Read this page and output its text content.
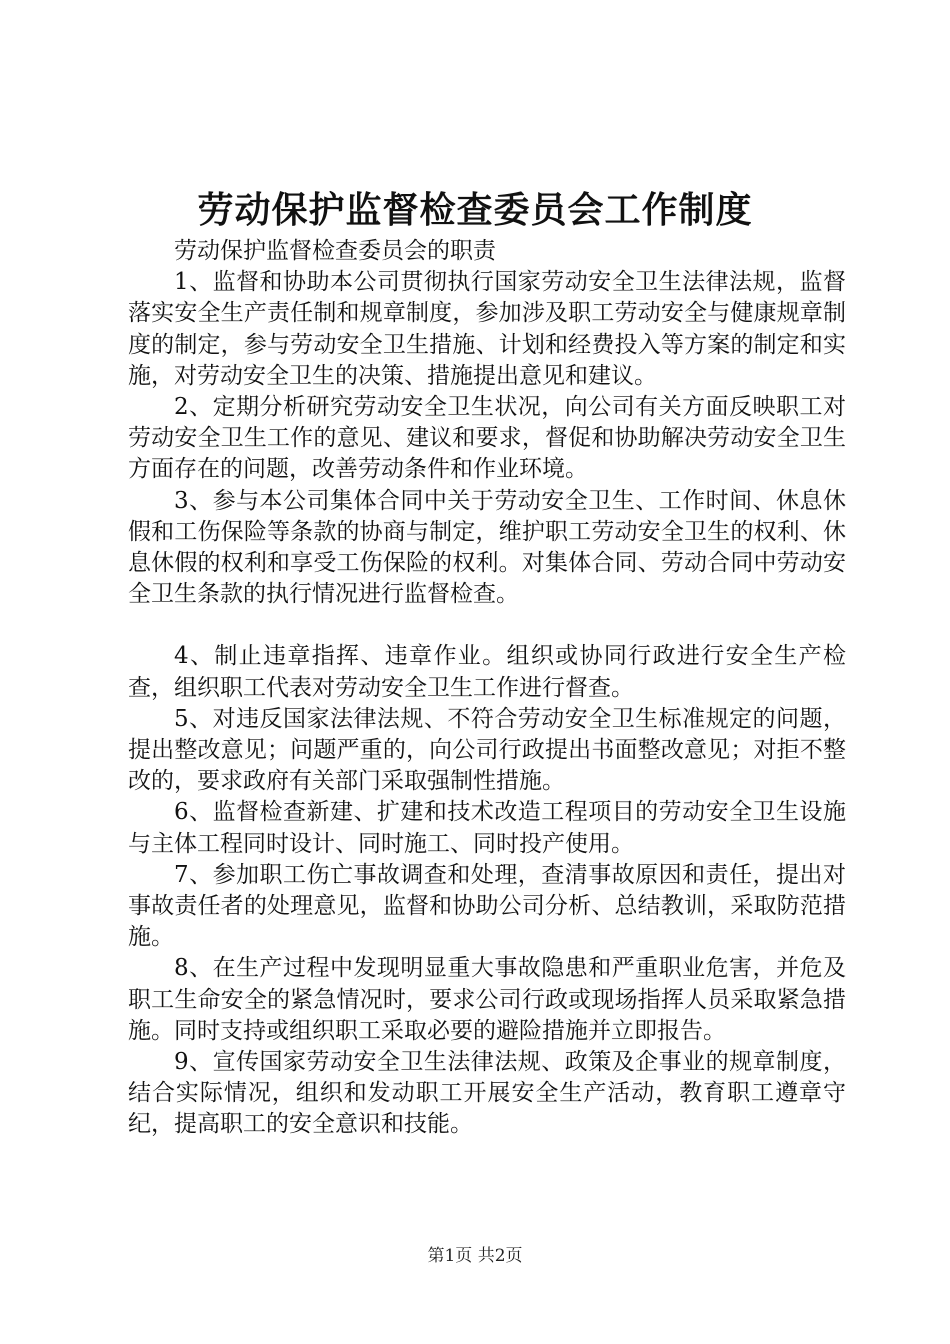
劳动保护监督检查委员会工作制度

劳动保护监督检查委员会的职责

1、监督和协助本公司贯彻执行国家劳动安全卫生法律法规，监督落实安全生产责任制和规章制度，参加涉及职工劳动安全与健康规章制度的制定，参与劳动安全卫生措施、计划和经费投入等方案的制定和实施，对劳动安全卫生的决策、措施提出意见和建议。

2、定期分析研究劳动安全卫生状况，向公司有关方面反映职工对劳动安全卫生工作的意见、建议和要求，督促和协助解决劳动安全卫生方面存在的问题，改善劳动条件和作业环境。

3、参与本公司集体合同中关于劳动安全卫生、工作时间、休息休假和工伤保险等条款的协商与制定，维护职工劳动安全卫生的权利、休息休假的权利和享受工伤保险的权利。对集体合同、劳动合同中劳动安全卫生条款的执行情况进行监督检查。

4、制止违章指挥、违章作业。组织或协同行政进行安全生产检查，组织职工代表对劳动安全卫生工作进行督查。

5、对违反国家法律法规、不符合劳动安全卫生标准规定的问题，提出整改意见；问题严重的，向公司行政提出书面整改意见；对拒不整改的，要求政府有关部门采取强制性措施。

6、监督检查新建、扩建和技术改造工程项目的劳动安全卫生设施与主体工程同时设计、同时施工、同时投产使用。

7、参加职工伤亡事故调查和处理，查清事故原因和责任，提出对事故责任者的处理意见，监督和协助公司分析、总结教训，采取防范措施。

8、在生产过程中发现明显重大事故隐患和严重职业危害，并危及职工生命安全的紧急情况时，要求公司行政或现场指挥人员采取紧急措施。同时支持或组织职工采取必要的避险措施并立即报告。

9、宣传国家劳动安全卫生法律法规、政策及企事业的规章制度，结合实际情况，组织和发动职工开展安全生产活动，教育职工遵章守纪，提高职工的安全意识和技能。

第1页 共2页
